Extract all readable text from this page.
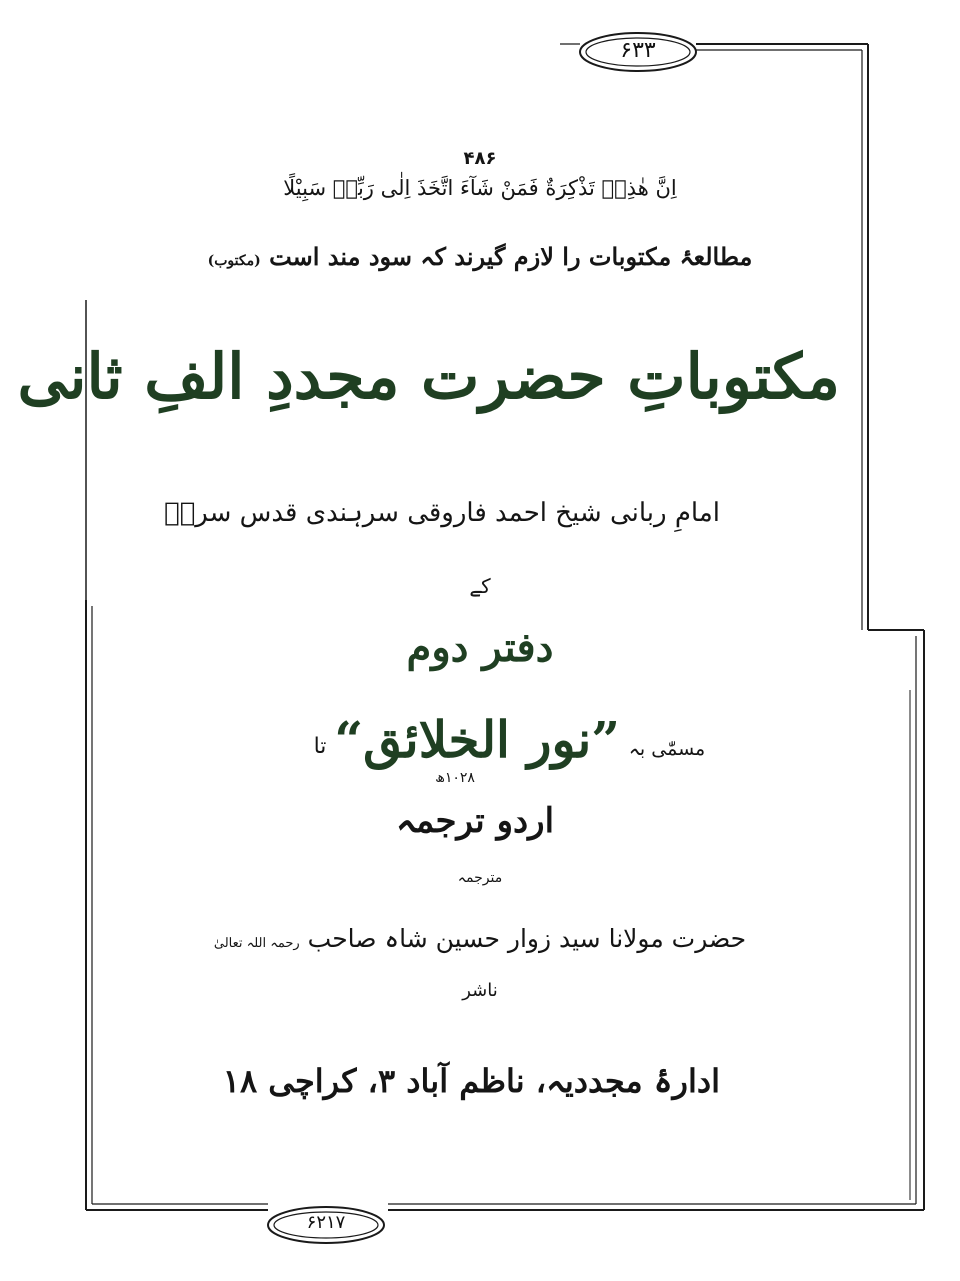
۶۳۳
۶۲۱۷
۴۸۶
اِنَّ هٰذِهٖ تَذْكِرَةٌ فَمَنْ شَآءَ اتَّخَذَ اِلٰى رَبِّهٖ سَبِيْلًا
مطالعۂ مکتوبات را لازم گیرند کہ سود مند است (مکتوب)
مکتوباتِ حضرت مجددِ الفِ ثانی
امامِ ربانی شیخ احمد فاروقی سرہندی قدس سرہٗ
کے
دفتر دوم
مسمّٰی بہ
”نور الخلائق“
تا
۱۰۲۸ھ
اردو ترجمہ
مترجمہ
حضرت مولانا سید زوار حسین شاہ صاحب رحمہ اللہ تعالیٰ
ناشر
ادارۂ مجددیہ، ناظم آباد ۳، کراچی ۱۸
